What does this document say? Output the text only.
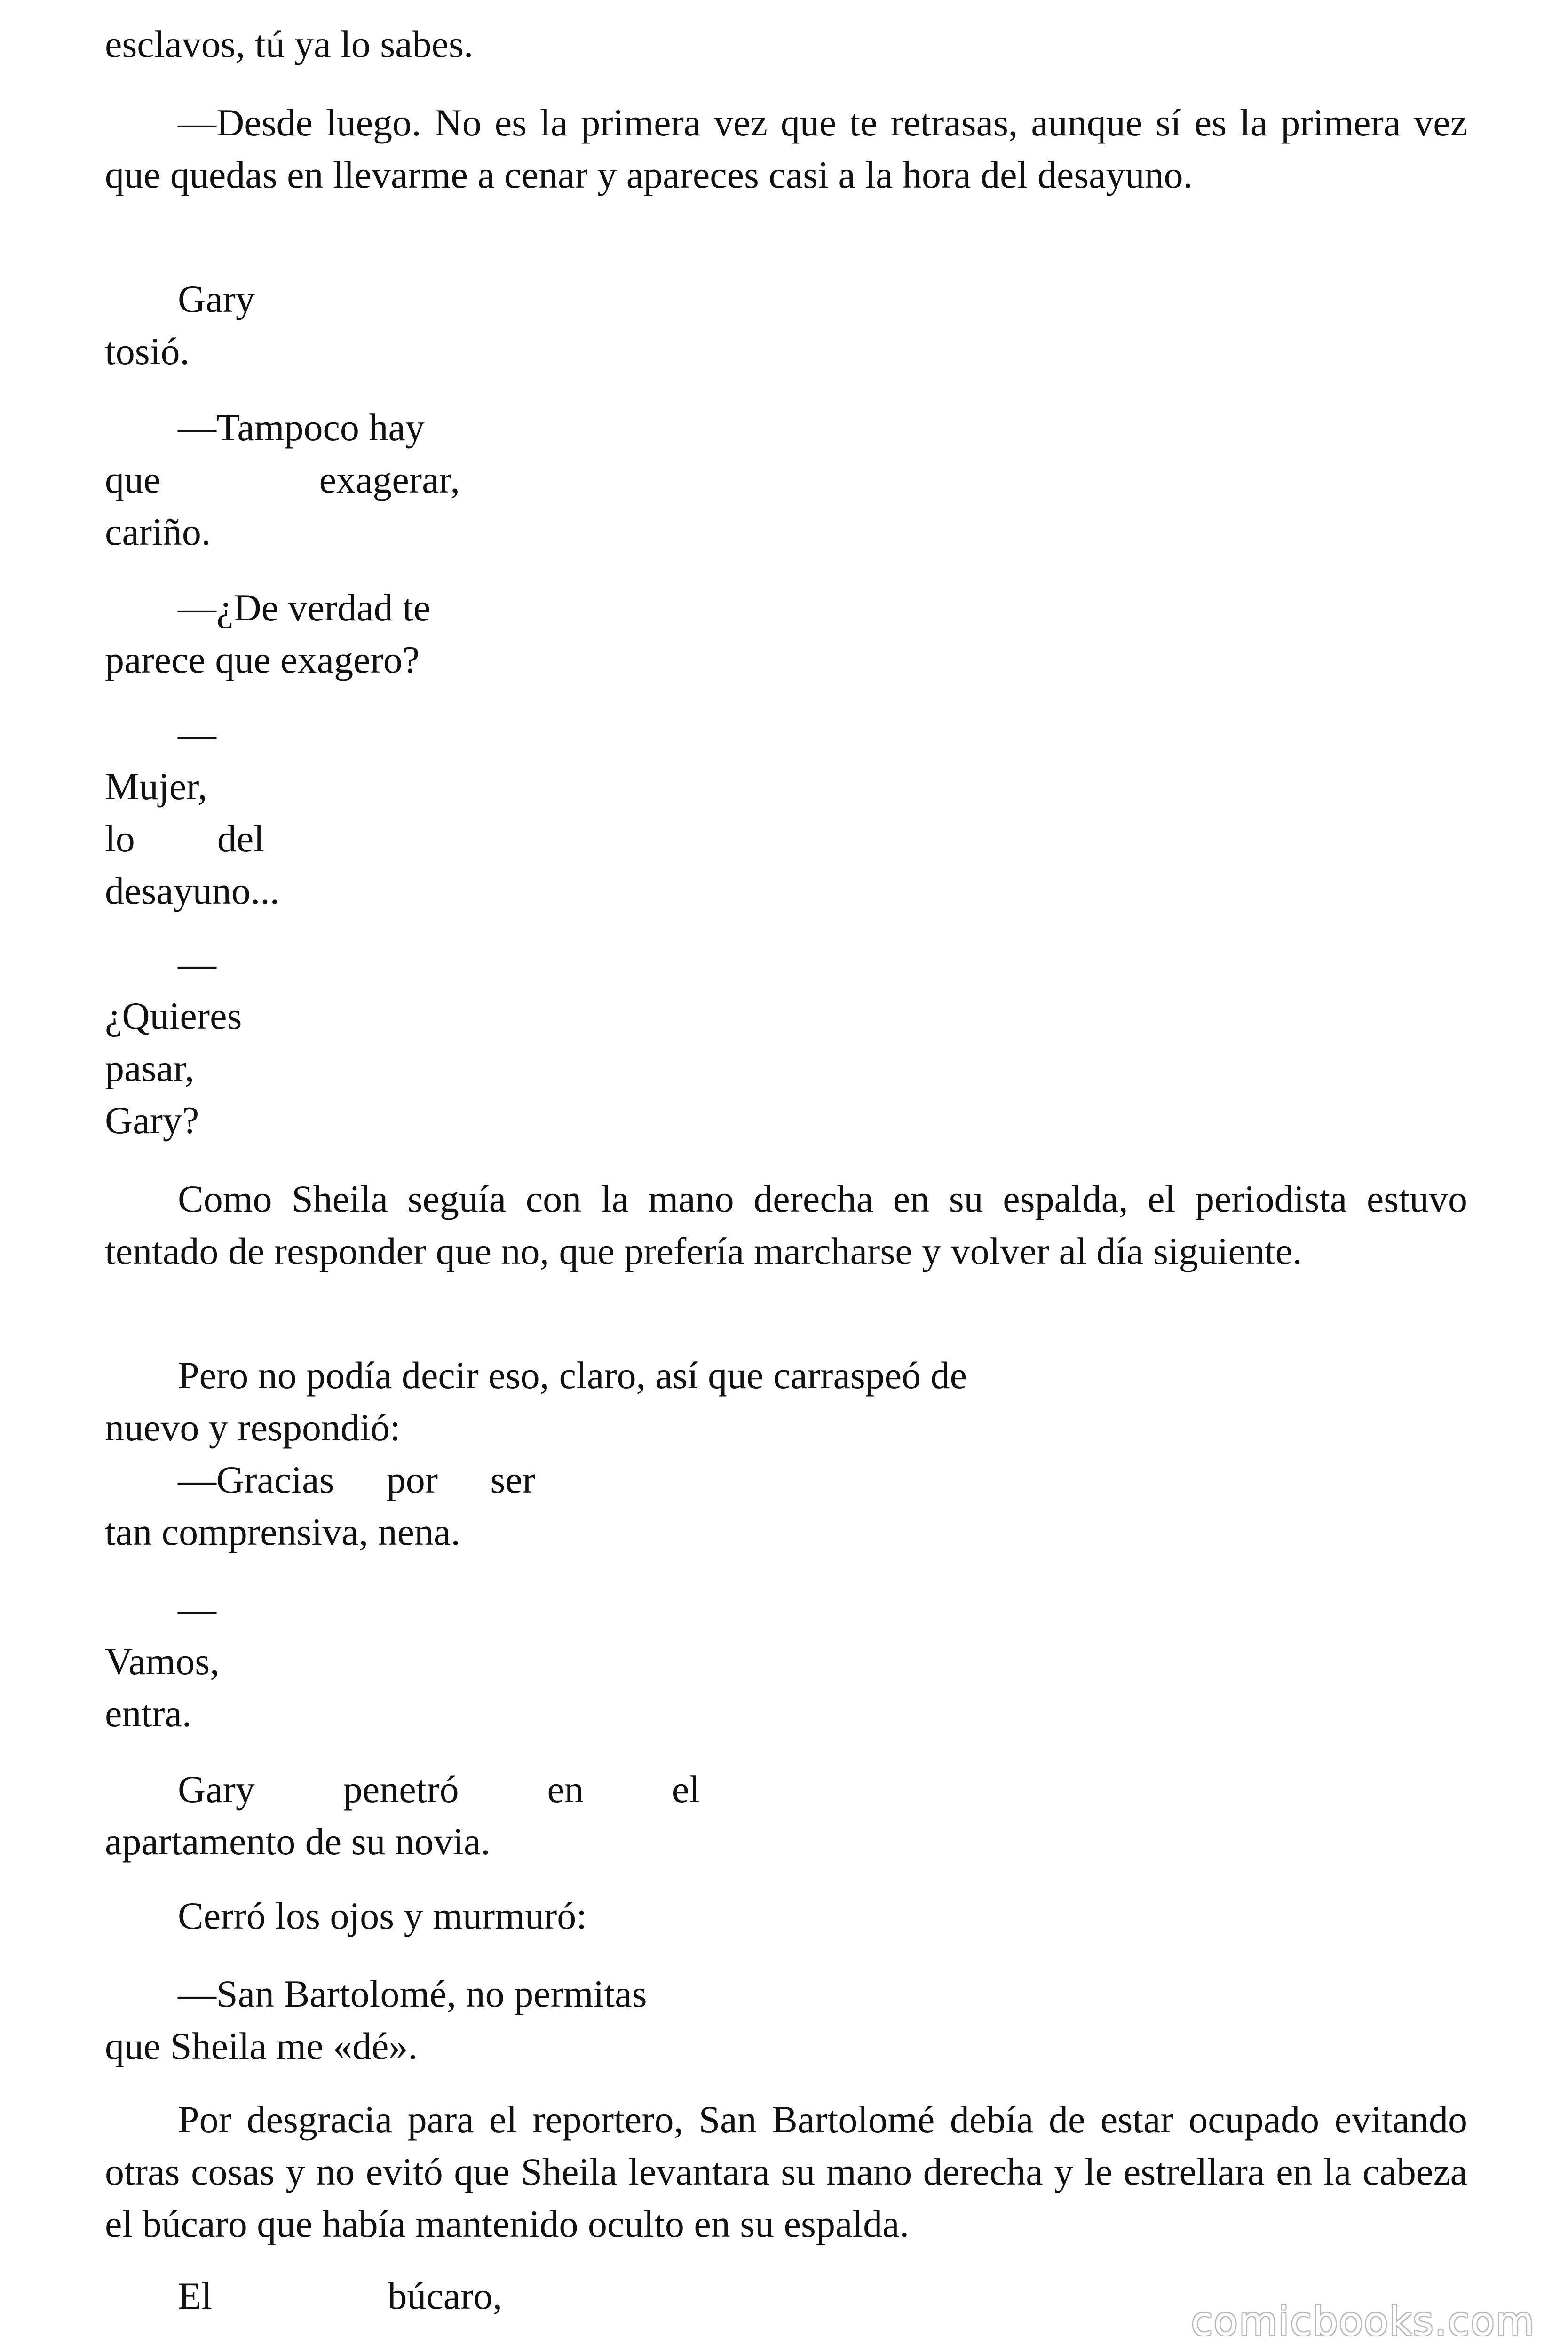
esclavos, tú ya lo sabes.

—Desde luego. No es la primera vez que te retrasas, aunque sí es la primera vez que quedas en llevarme a cenar y apareces casi a la hora del desayuno.

Gary
tosió.
—Tampoco hay
que exagerar,
cariño.
—¿De verdad te
parece que exagero?
—
Mujer,
lo del
desayuno...
—
¿Quieres
pasar,
Gary?

Como Sheila seguía con la mano derecha en su espalda, el periodista estuvo tentado de responder que no, que prefería marcharse y volver al día siguiente.

Pero no podía decir eso, claro, así que carraspeó de
nuevo y respondió:
—Gracias por ser
tan comprensiva, nena.
—
Vamos,
entra.
Gary penetró en el
apartamento de su novia.

Cerró los ojos y murmuró:

—San Bartolomé, no permitas
que Sheila me «dé».

Por desgracia para el reportero, San Bartolomé debía de estar ocupado evitando otras cosas y no evitó que Sheila levantara su mano derecha y le estrellara en la cabeza el búcaro que había mantenido oculto en su espalda.

El búcaro,
comicbooks.com
